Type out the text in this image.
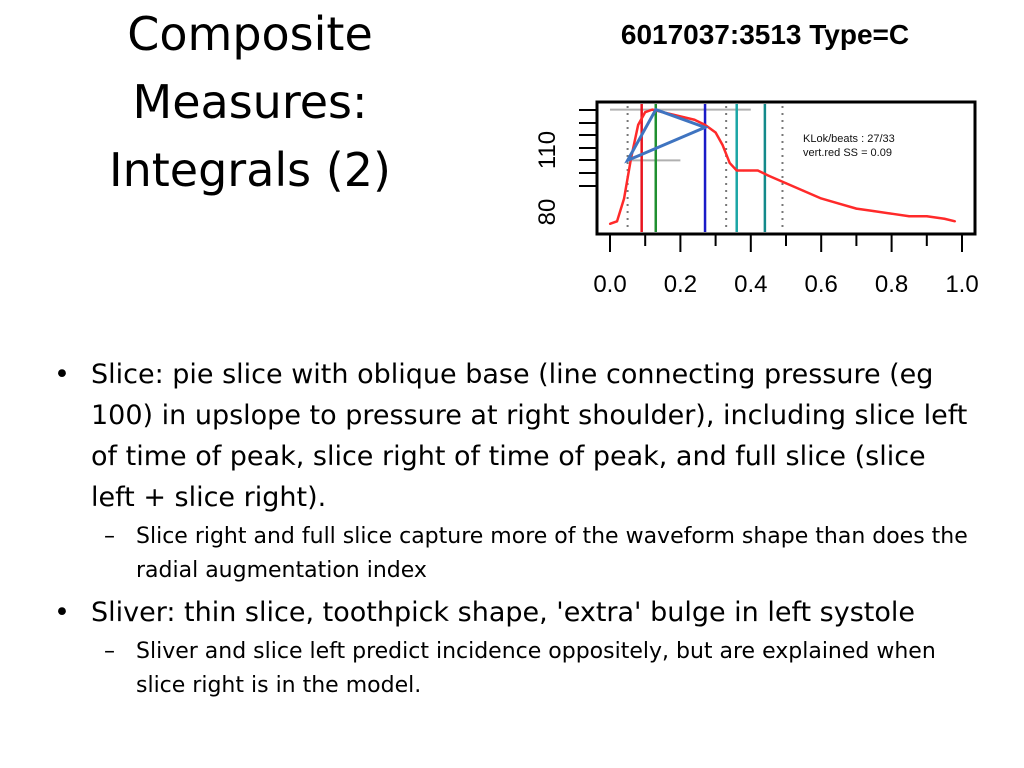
Composite
Measures:
Integrals (2)
6017037:3513 Type=C
80
110
0.0 0.2 0.4 0.6 0.8 1.0
KLok/beats : 27/33
vert.red SS = 0.09
• Slice: pie slice with oblique base (line connecting pressure (eg 100) in upslope to pressure at right shoulder), including slice left of time of peak, slice right of time of peak, and full slice (slice left + slice right).
– Slice right and full slice capture more of the waveform shape than does the radial augmentation index
• Sliver: thin slice, toothpick shape, 'extra' bulge in left systole
– Sliver and slice left predict incidence oppositely, but are explained when slice right is in the model.
